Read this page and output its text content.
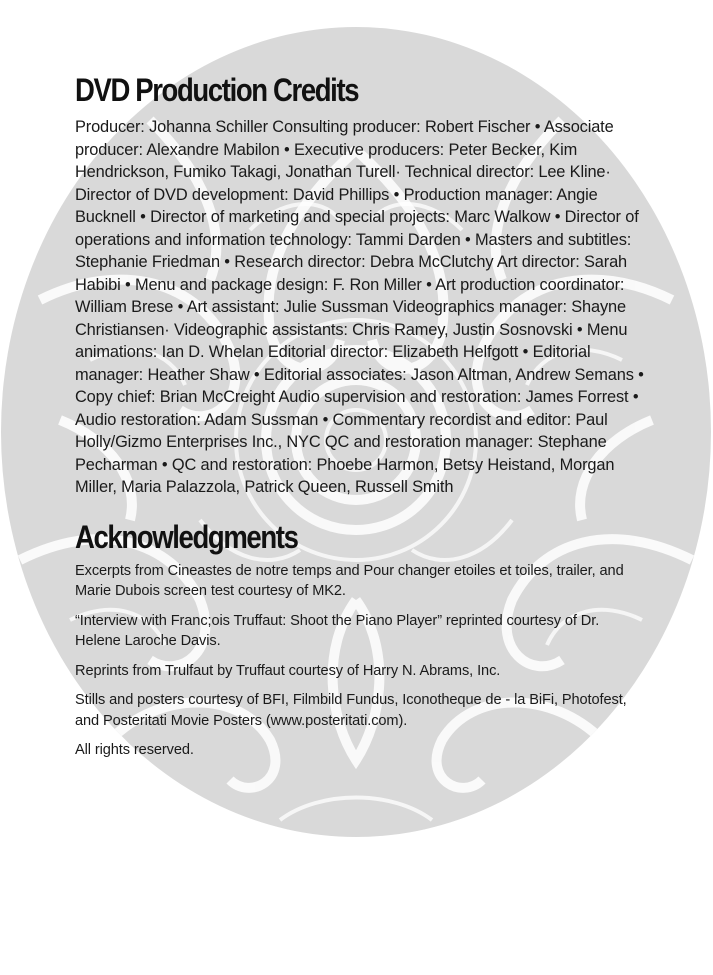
DVD Production Credits

Producer: Johanna Schiller Consulting producer: Robert Fischer • Associate producer: Alexandre Mabilon • Executive producers: Peter Becker, Kim Hendrickson, Fumiko Takagi, Jonathan Turell· Technical director: Lee Kline· Director of DVD development: David Phillips • Production manager: Angie Bucknell • Director of marketing and special projects: Marc Walkow • Director of operations and information technology: Tammi Darden • Masters and subtitles: Stephanie Friedman • Research director: Debra McClutchy Art director: Sarah Habibi • Menu and package design: F. Ron Miller • Art production coordinator: William Brese • Art assistant: Julie Sussman Videographics manager: Shayne Christiansen· Videographic assistants: Chris Ramey, Justin Sosnovski • Menu animations: Ian D. Whelan Editorial director: Elizabeth Helfgott • Editorial manager: Heather Shaw • Editorial associates: Jason Altman, Andrew Semans • Copy chief: Brian McCreight Audio supervision and restoration: James Forrest • Audio restoration: Adam Sussman • Commentary recordist and editor: Paul Holly/Gizmo Enterprises Inc., NYC QC and restoration manager: Stephane Pecharman • QC and restoration: Phoebe Harmon, Betsy Heistand, Morgan Miller, Maria Palazzola, Patrick Queen, Russell Smith

Acknowledgments

Excerpts from Cineastes de notre temps and Pour changer etoiles et toiles, trailer, and Marie Dubois screen test courtesy of MK2.

“Interview with Franc;ois Truffaut: Shoot the Piano Player” reprinted courtesy of Dr. Helene Laroche Davis.

Reprints from Trulfaut by Truffaut courtesy of Harry N. Abrams, Inc.

Stills and posters courtesy of BFI, Filmbild Fundus, Iconotheque de - la BiFi, Photofest, and Posteritati Movie Posters (www.posteritati.com).

All rights reserved.
